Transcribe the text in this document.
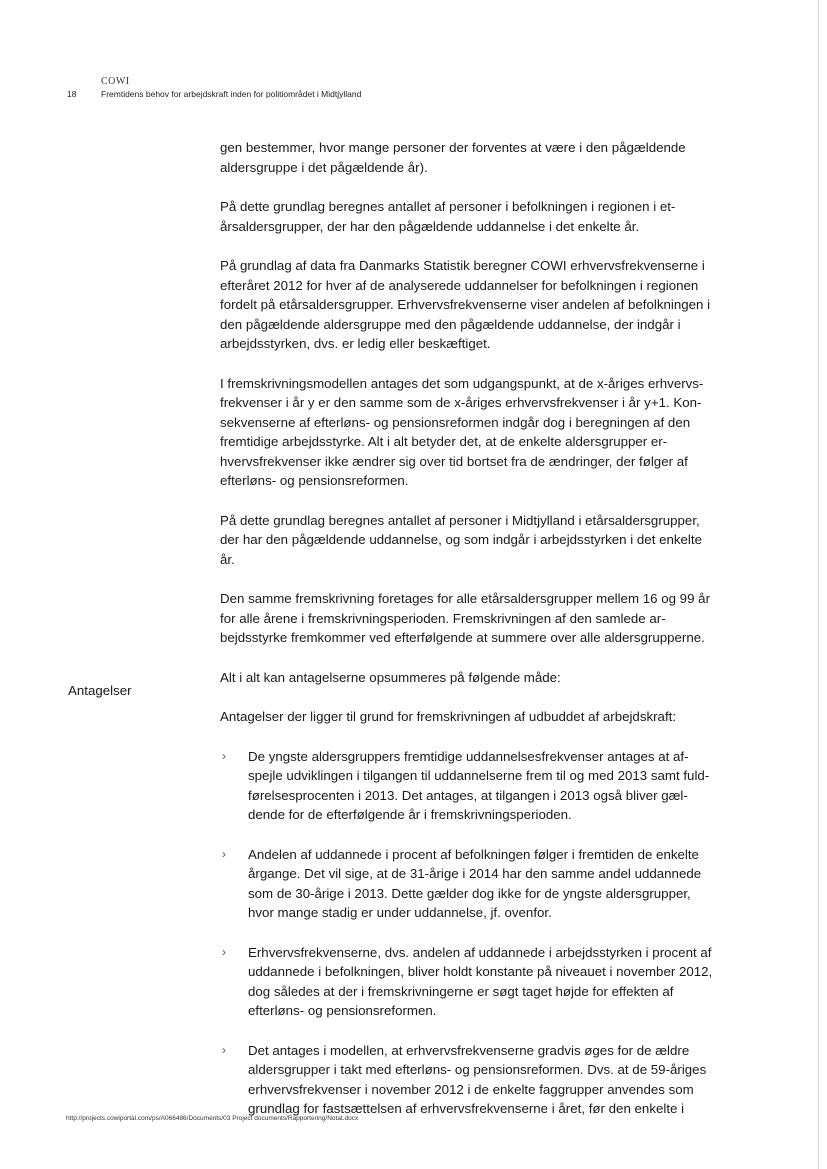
COWI
18	Fremtidens behov for arbejdskraft inden for politiområdet i Midtjylland
Antagelser

gen bestemmer, hvor mange personer der forventes at være i den pågældende aldersgruppe i det pågældende år).

På dette grundlag beregnes antallet af personer i befolkningen i regionen i et-årsaldersgrupper, der har den pågældende uddannelse i det enkelte år.

På grundlag af data fra Danmarks Statistik beregner COWI erhvervsfrekvenserne i efteråret 2012 for hver af de analyserede uddannelser for befolkningen i regionen fordelt på etårsaldersgrupper. Erhvervsfrekvenserne viser andelen af befolkningen i den pågældende aldersgruppe med den pågældende uddannelse, der indgår i arbejdsstyrken, dvs. er ledig eller beskæftiget.

I fremskrivningsmodellen antages det som udgangspunkt, at de x-åriges erhvervs-frekvenser i år y er den samme som de x-åriges erhvervsfrekvenser i år y+1. Kon-sekvenserne af efterløns- og pensionsreformen indgår dog i beregningen af den fremtidige arbejdsstyrke. Alt i alt betyder det, at de enkelte aldersgrupper er-hvervsfrekvenser ikke ændrer sig over tid bortset fra de ændringer, der følger af efterløns- og pensionsreformen.

På dette grundlag beregnes antallet af personer i Midtjylland i etårsaldersgrupper, der har den pågældende uddannelse, og som indgår i arbejdsstyrken i det enkelte år.

Den samme fremskrivning foretages for alle etårsaldersgrupper mellem 16 og 99 år for alle årene i fremskrivningsperioden. Fremskrivningen af den samlede ar-bejdsstyrke fremkommer ved efterfølgende at summere over alle aldersgrupperne.

Alt i alt kan antagelserne opsummeres på følgende måde:

Antagelser der ligger til grund for fremskrivningen af udbuddet af arbejdskraft:

› De yngste aldersgruppers fremtidige uddannelsesfrekvenser antages at af-spejle udviklingen i tilgangen til uddannelserne frem til og med 2013 samt fuld-førelsesprocenten i 2013. Det antages, at tilgangen i 2013 også bliver gæl-dende for de efterfølgende år i fremskrivningsperioden.
› Andelen af uddannede i procent af befolkningen følger i fremtiden de enkelte årgange. Det vil sige, at de 31-årige i 2014 har den samme andel uddannede som de 30-årige i 2013. Dette gælder dog ikke for de yngste aldersgrupper, hvor mange stadig er under uddannelse, jf. ovenfor.
› Erhvervsfrekvenserne, dvs. andelen af uddannede i arbejdsstyrken i procent af uddannede i befolkningen, bliver holdt konstante på niveauet i november 2012, dog således at der i fremskrivningerne er søgt taget højde for effekten af efterløns- og pensionsreformen.
› Det antages i modellen, at erhvervsfrekvenserne gradvis øges for de ældre aldersgrupper i takt med efterløns- og pensionsreformen. Dvs. at de 59-åriges erhvervsfrekvenser i november 2012 i de enkelte faggrupper anvendes som grundlag for fastsættelsen af erhvervsfrekvenserne i året, før den enkelte i
http://projects.cowiportal.com/ps/A066486/Documents/03 Project documents/Rapportering/Notat.docx
